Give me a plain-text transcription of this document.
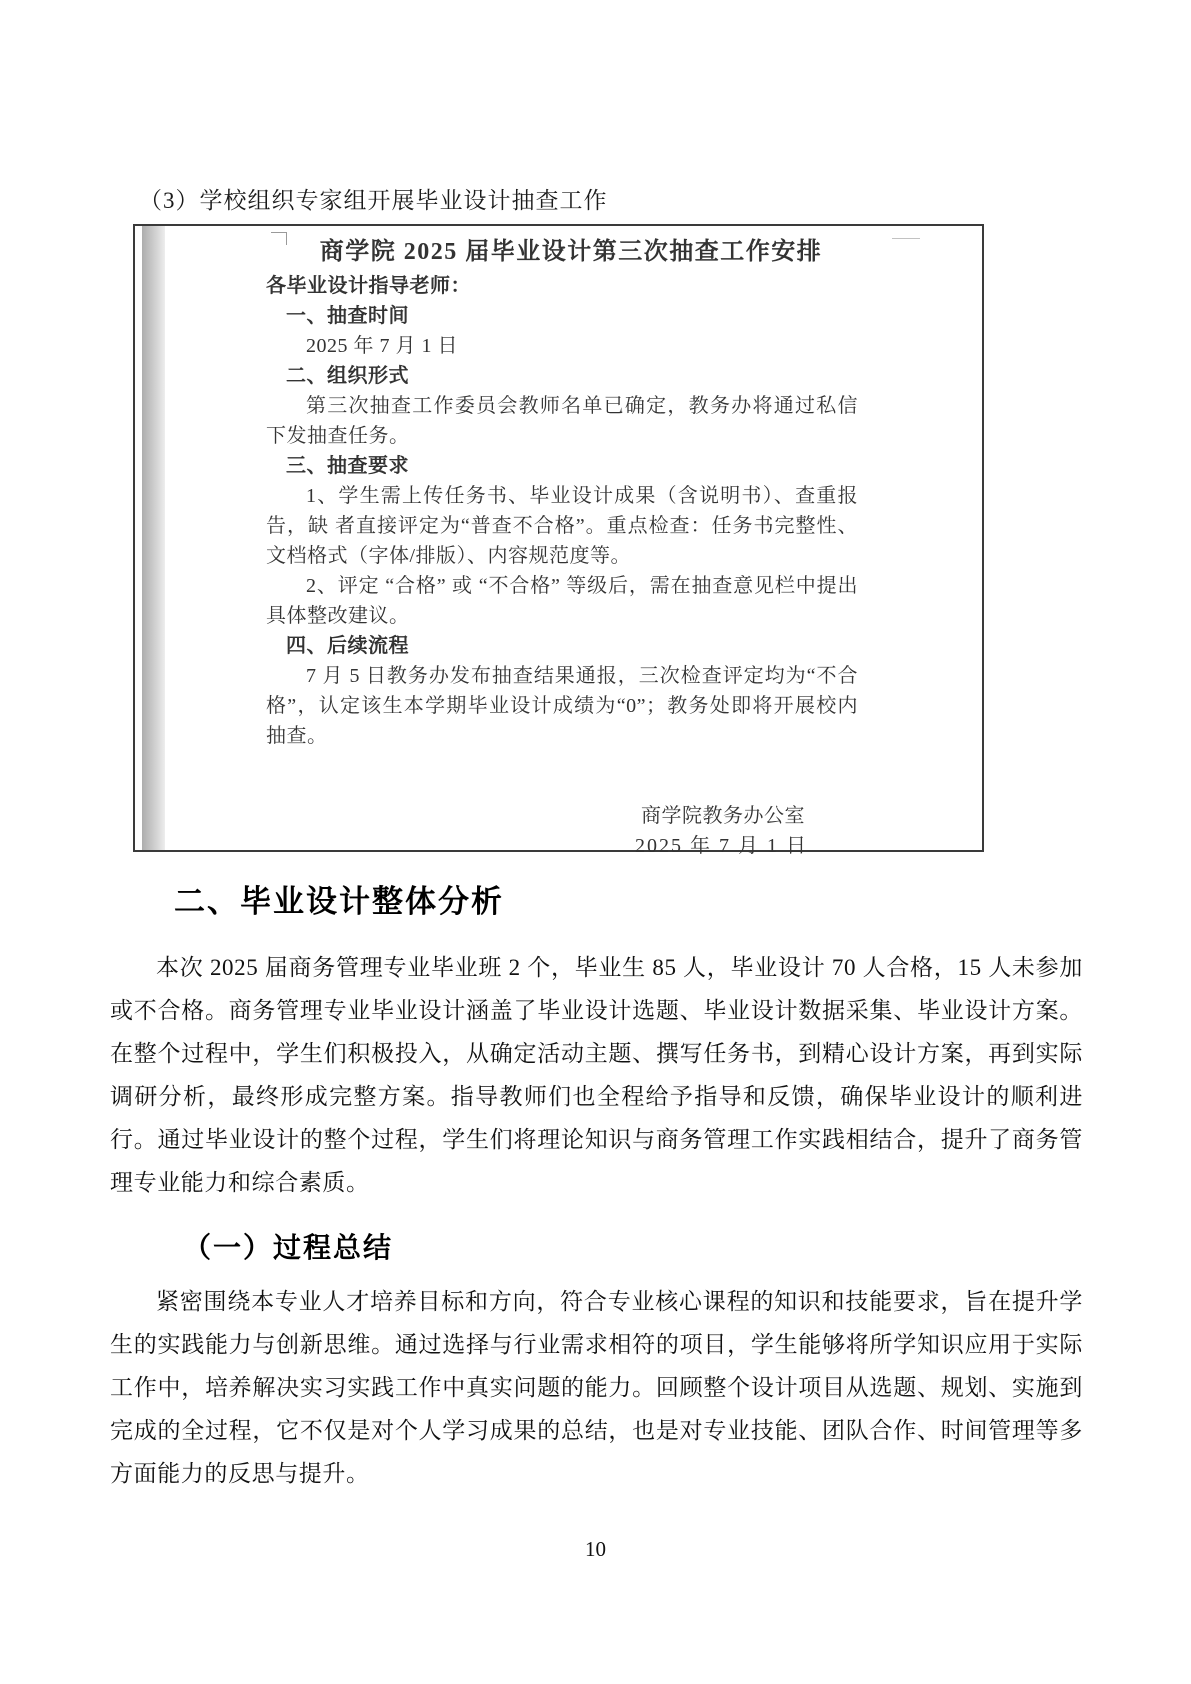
（3）学校组织专家组开展毕业设计抽查工作
商学院 2025 届毕业设计第三次抽查工作安排
各毕业设计指导老师：
一、抽查时间
2025 年 7 月 1 日
二、组织形式
第三次抽查工作委员会教师名单已确定，教务办将通过私信下发抽查任务。
三、抽查要求
1、学生需上传任务书、毕业设计成果（含说明书）、查重报告，缺 者直接评定为“普查不合格”。重点检查：任务书完整性、文档格式（字体/排版）、内容规范度等。
2、评定 “合格” 或 “不合格” 等级后，需在抽查意见栏中提出具体整改建议。
四、后续流程
7 月 5 日教务办发布抽查结果通报，三次检查评定均为“不合格”，认定该生本学期毕业设计成绩为“0”；教务处即将开展校内抽查。
商学院教务办公室
2025 年 7 月 1 日
二、毕业设计整体分析

本次 2025 届商务管理专业毕业班 2 个，毕业生 85 人，毕业设计 70 人合格，15 人未参加或不合格。商务管理专业毕业设计涵盖了毕业设计选题、毕业设计数据采集、毕业设计方案。在整个过程中，学生们积极投入，从确定活动主题、撰写任务书，到精心设计方案，再到实际调研分析，最终形成完整方案。指导教师们也全程给予指导和反馈，确保毕业设计的顺利进行。通过毕业设计的整个过程，学生们将理论知识与商务管理工作实践相结合，提升了商务管理专业能力和综合素质。

（一）过程总结

紧密围绕本专业人才培养目标和方向，符合专业核心课程的知识和技能要求，旨在提升学生的实践能力与创新思维。通过选择与行业需求相符的项目，学生能够将所学知识应用于实际工作中，培养解决实习实践工作中真实问题的能力。回顾整个设计项目从选题、规划、实施到完成的全过程，它不仅是对个人学习成果的总结，也是对专业技能、团队合作、时间管理等多方面能力的反思与提升。

10
